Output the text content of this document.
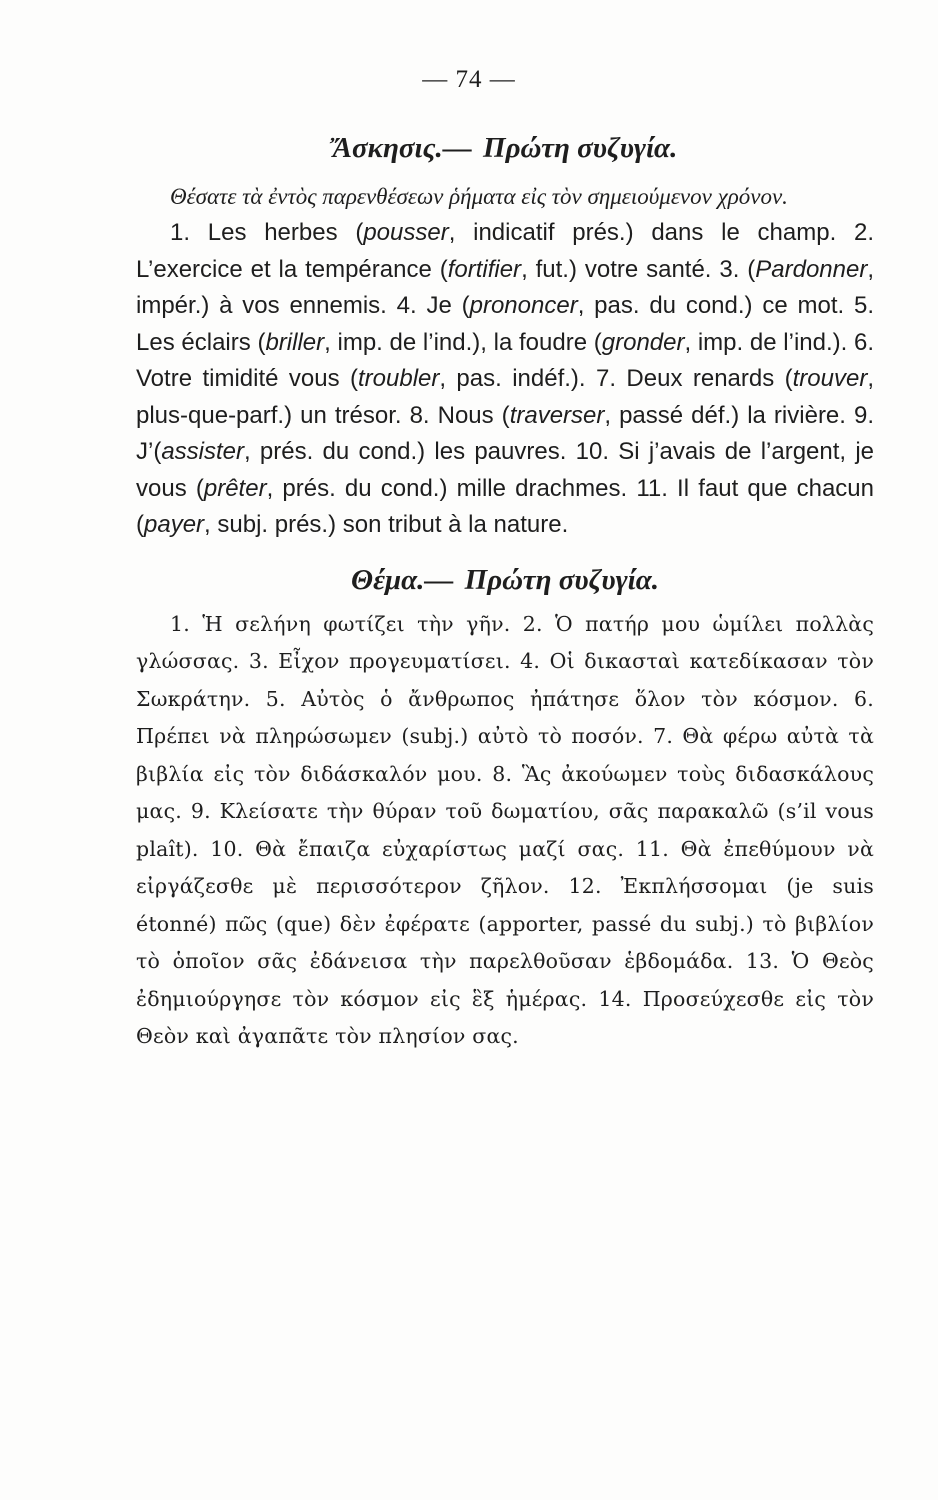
— 74 —
Ἄσκησις.— Πρώτη συζυγία.

Θέσατε τὰ ἐντὸς παρενθέσεων ῥήματα εἰς τὸν σημειούμενον χρόνον.

1. Les herbes (pousser, indicatif prés.) dans le champ. 2. L’exercice et la tempérance (fortifier, fut.) votre santé. 3. (Pardonner, impér.) à vos ennemis. 4. Je (prononcer, pas. du cond.) ce mot. 5. Les éclairs (briller, imp. de l’ind.), la foudre (gronder, imp. de l’ind.). 6. Votre timidité vous (troubler, pas. indéf.). 7. Deux renards (trouver, plus-que-parf.) un trésor. 8. Nous (traverser, passé déf.) la rivière. 9. J’(assister, prés. du cond.) les pauvres. 10. Si j’avais de l’argent, je vous (prêter, prés. du cond.) mille drachmes. 11. Il faut que chacun (payer, subj. prés.) son tribut à la nature.

Θέμα.— Πρώτη συζυγία.

1. Ἡ σελήνη φωτίζει τὴν γῆν. 2. Ὁ πατήρ μου ὡμίλει πολλὰς γλώσσας. 3. Εἶχον προγευματίσει. 4. Οἱ δικασταὶ κατεδίκασαν τὸν Σωκράτην. 5. Αὐτὸς ὁ ἄνθρωπος ἠπάτησε ὅλον τὸν κόσμον. 6. Πρέπει νὰ πληρώσωμεν (subj.) αὐτὸ τὸ ποσόν. 7. Θὰ φέρω αὐτὰ τὰ βιβλία εἰς τὸν διδάσκαλόν μου. 8. Ἃς ἀκούωμεν τοὺς διδασκάλους μας. 9. Κλείσατε τὴν θύραν τοῦ δωματίου, σᾶς παρακαλῶ (s’il vous plaît). 10. Θὰ ἔπαιζα εὐχαρίστως μαζί σας. 11. Θὰ ἐπεθύμουν νὰ εἰργάζεσθε μὲ περισσότερον ζῆλον. 12. Ἐκπλήσσομαι (je suis étonné) πῶς (que) δὲν ἐφέρατε (apporter, passé du subj.) τὸ βιβλίον τὸ ὁποῖον σᾶς ἐδάνεισα τὴν παρελθοῦσαν ἑβδομάδα. 13. Ὁ Θεὸς ἐδημιούργησε τὸν κόσμον εἰς ἓξ ἡμέρας. 14. Προσεύχεσθε εἰς τὸν Θεὸν καὶ ἀγαπᾶτε τὸν πλησίον σας.
